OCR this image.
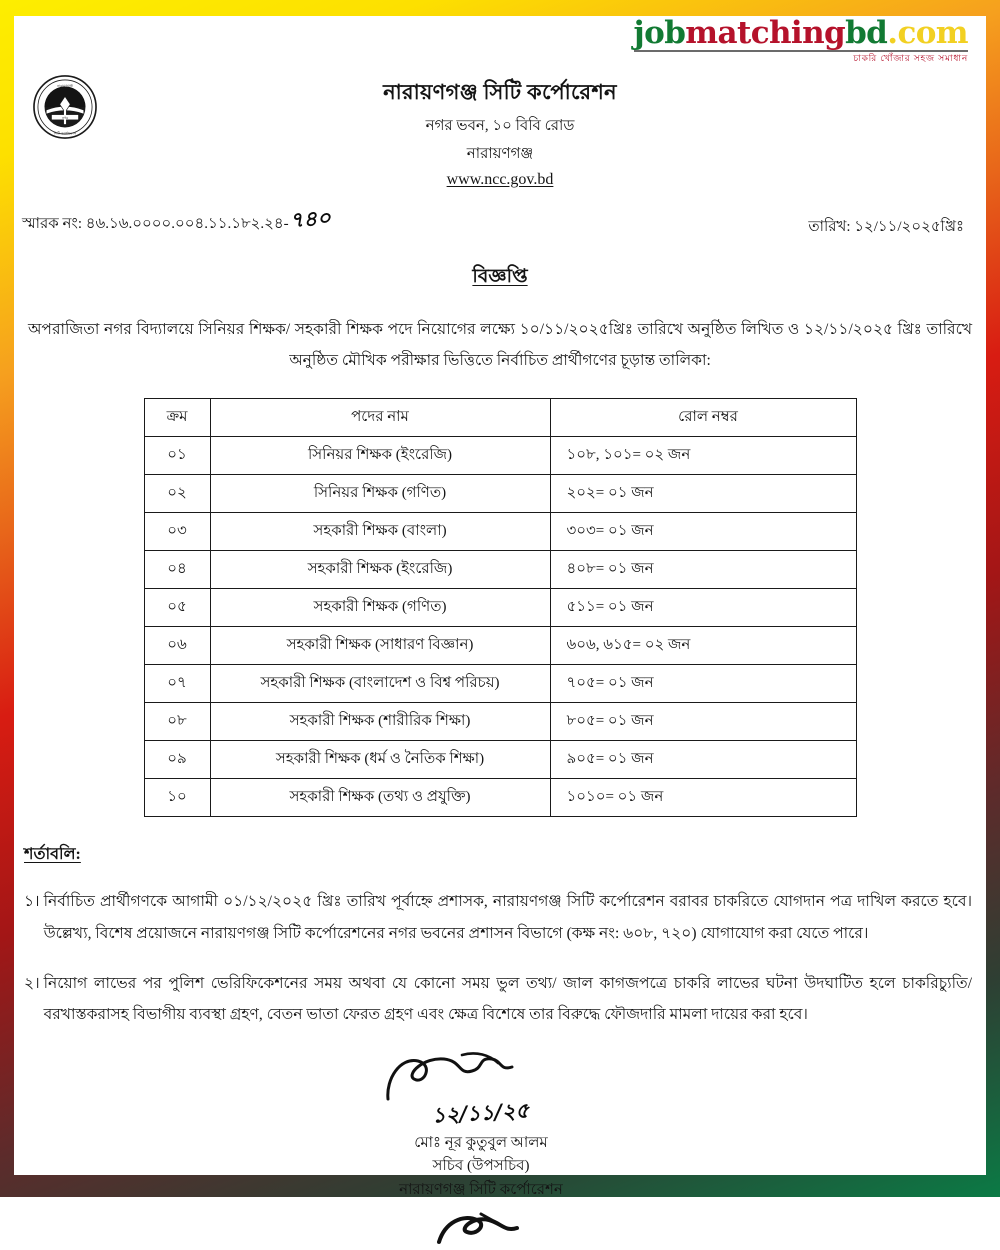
jobmatchingbd.com
চাকরি খোঁজার সহজ সমাধান
নগর
নারায়ণগঞ্জ
সিটি কর্পোরেশন
নারায়ণগঞ্জ সিটি কর্পোরেশন
নগর ভবন, ১০ বিবি রোড
নারায়ণগঞ্জ
www.ncc.gov.bd
স্মারক নং: ৪৬.১৬.০০০০.০০৪.১১.১৮২.২৪-৭৪০	তারিখ: ১২/১১/২০২৫খ্রিঃ
বিজ্ঞপ্তি
অপরাজিতা নগর বিদ্যালয়ে সিনিয়র শিক্ষক/ সহকারী শিক্ষক পদে নিয়োগের লক্ষ্যে ১০/১১/২০২৫খ্রিঃ তারিখে অনুষ্ঠিত লিখিত ও ১২/১১/২০২৫ খ্রিঃ তারিখে অনুষ্ঠিত মৌখিক পরীক্ষার ভিত্তিতে নির্বাচিত প্রার্থীগণের চূড়ান্ত তালিকা:
ক্রম	পদের নাম	রোল নম্বর
০১	সিনিয়র শিক্ষক (ইংরেজি)	১০৮, ১০১= ০২ জন
০২	সিনিয়র শিক্ষক (গণিত)	২০২= ০১ জন
০৩	সহকারী শিক্ষক (বাংলা)	৩০৩= ০১ জন
০৪	সহকারী শিক্ষক (ইংরেজি)	৪০৮= ০১ জন
০৫	সহকারী শিক্ষক (গণিত)	৫১১= ০১ জন
০৬	সহকারী শিক্ষক (সাধারণ বিজ্ঞান)	৬০৬, ৬১৫= ০২ জন
০৭	সহকারী শিক্ষক (বাংলাদেশ ও বিশ্ব পরিচয়)	৭০৫= ০১ জন
০৮	সহকারী শিক্ষক (শারীরিক শিক্ষা)	৮০৫= ০১ জন
০৯	সহকারী শিক্ষক (ধর্ম ও নৈতিক শিক্ষা)	৯০৫= ০১ জন
১০	সহকারী শিক্ষক (তথ্য ও প্রযুক্তি)	১০১০= ০১ জন
শর্তাবলি:
১। নির্বাচিত প্রার্থীগণকে আগামী ০১/১২/২০২৫ খ্রিঃ তারিখ পূর্বাহ্নে প্রশাসক, নারায়ণগঞ্জ সিটি কর্পোরেশন বরাবর চাকরিতে যোগদান পত্র দাখিল করতে হবে। উল্লেখ্য, বিশেষ প্রয়োজনে নারায়ণগঞ্জ সিটি কর্পোরেশনের নগর ভবনের প্রশাসন বিভাগে (কক্ষ নং: ৬০৮, ৭২০) যোগাযোগ করা যেতে পারে।
২। নিয়োগ লাভের পর পুলিশ ভেরিফিকেশনের সময় অথবা যে কোনো সময় ভুল তথ্য/ জাল কাগজপত্রে চাকরি লাভের ঘটনা উদঘাটিত হলে চাকরিচ্যুতি/ বরখাস্তকরাসহ বিভাগীয় ব্যবস্থা গ্রহণ, বেতন ভাতা ফেরত গ্রহণ এবং ক্ষেত্র বিশেষে তার বিরুদ্ধে ফৌজদারি মামলা দায়ের করা হবে।
১২/১১/২৫
মোঃ নূর কুতুবুল আলম
সচিব (উপসচিব)
নারায়ণগঞ্জ সিটি কর্পোরেশন
